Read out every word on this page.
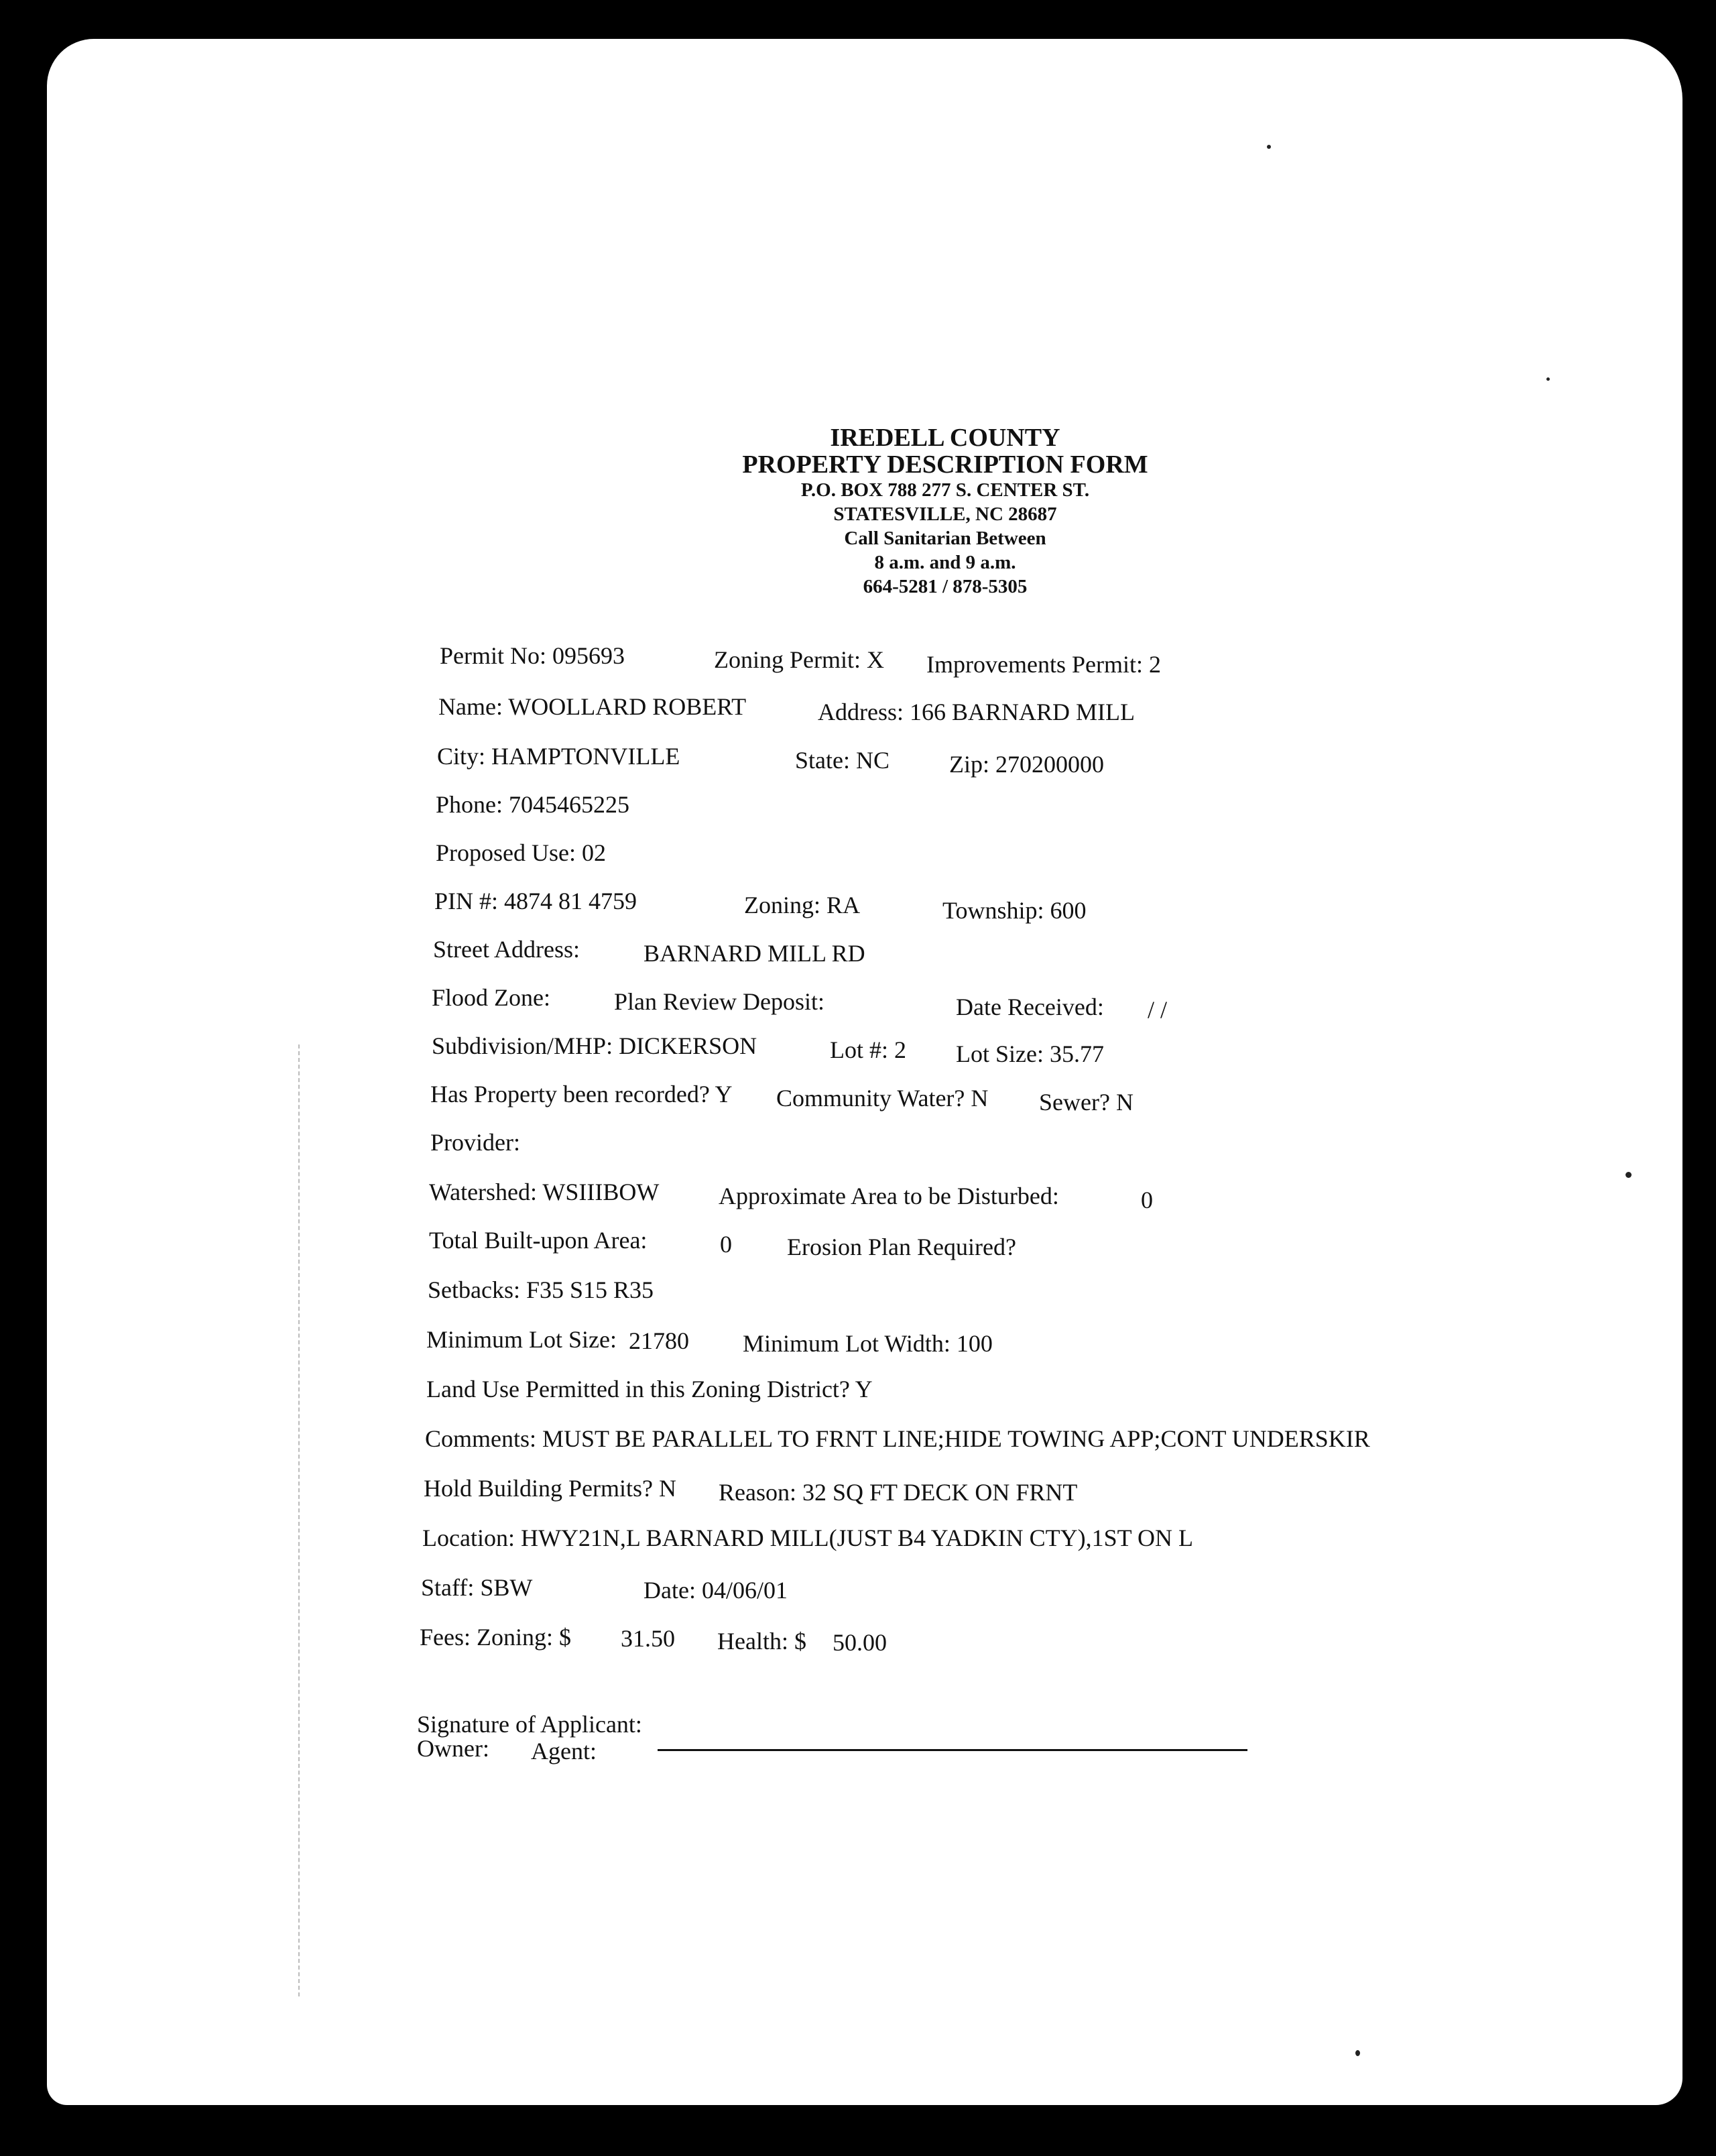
IREDELL COUNTY
PROPERTY DESCRIPTION FORM
P.O. BOX 788 277 S. CENTER ST.
STATESVILLE, NC 28687
Call Sanitarian Between
8 a.m. and 9 a.m.
664-5281 / 878-5305
Permit No: 095693	Zoning Permit: X Improvements Permit: 2
Name: WOOLLARD ROBERT	Address: 166 BARNARD MILL
City: HAMPTONVILLE	State: NC Zip: 270200000
Phone: 7045465225
Proposed Use: 02
PIN #: 4874 81 4759	Zoning: RA	Township: 600
Street Address:	BARNARD MILL RD
Flood Zone:	Plan Review Deposit:	Date Received: / /
Subdivision/MHP: DICKERSON	Lot #: 2 Lot Size: 35.77
Has Property been recorded? Y Community Water? N Sewer? N
Provider:
Watershed: WSIIIBOW Approximate Area to be Disturbed:	0
Total Built-upon Area:	0 Erosion Plan Required?
Setbacks: F35 S15 R35
Minimum Lot Size: 21780 Minimum Lot Width: 100
Land Use Permitted in this Zoning District? Y
Comments: MUST BE PARALLEL TO FRNT LINE;HIDE TOWING APP;CONT UNDERSKIR
Hold Building Permits? N Reason: 32 SQ FT DECK ON FRNT
Location: HWY21N,L BARNARD MILL(JUST B4 YADKIN CTY),1ST ON L
Staff: SBW	Date: 04/06/01
Fees: Zoning: $ 31.50 Health: $ 50.00
Signature of Applicant:
Owner: Agent:
